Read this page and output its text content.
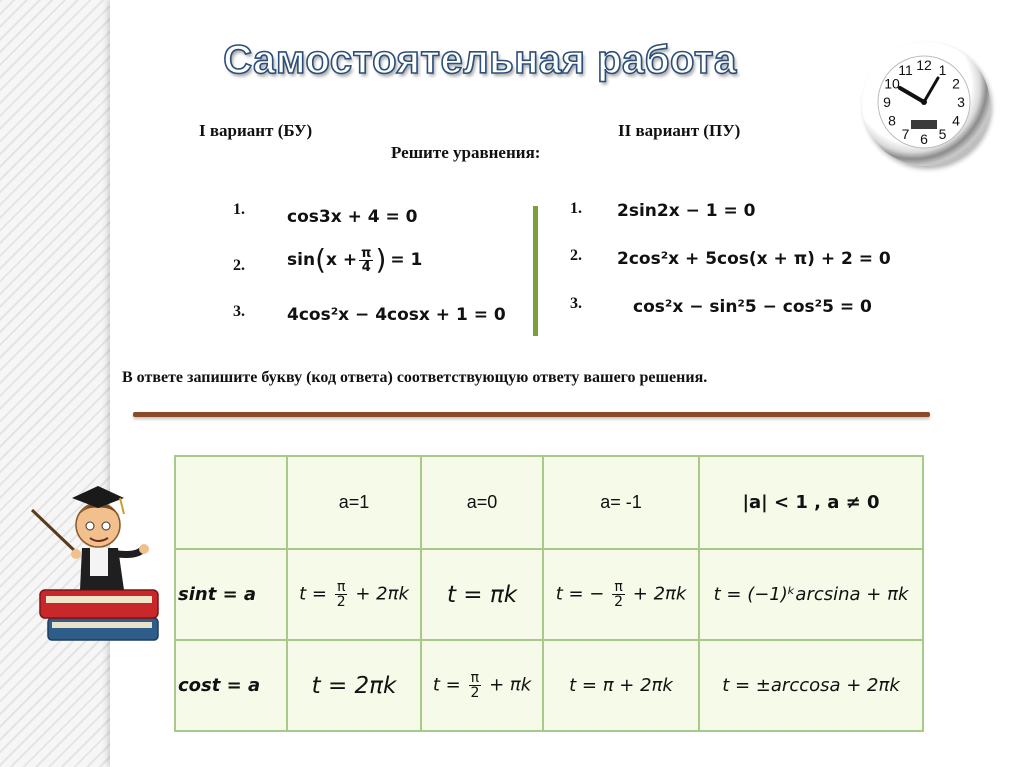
Самостоятельная работа	12 1
2
3
4
5
6
7
8
9
10
11
I вариант (БУ)	II вариант (ПУ)
Решите уравнения:
1. cos3x + 4 = 0
2. sin ( $x + \frac{\pi}{4}$ ) = 1
3. 4cos²x − 4cosx + 1 = 0
1. 2sin2x − 1 = 0
2. 2cos²x + 5cos(x + π) + 2 = 0
3.	cos²x − sin²5 − cos²5 = 0
В ответе запишите букву (код ответа) соответствующую ответу вашего решения.
	a=1	a=0	a= -1	|a| < 1 , a ≠ 0
sint = a	$t = \frac{\pi}{2} + 2\pi k$	t = πk	t = − $\frac{\pi}{2} + 2\pi k$	t = (−1)ᵏarcsina + πk
cost = a	t = 2πk	$t = \frac{\pi}{2} + \pi k$	t = π + 2πk	t = ±arccosa + 2πk
